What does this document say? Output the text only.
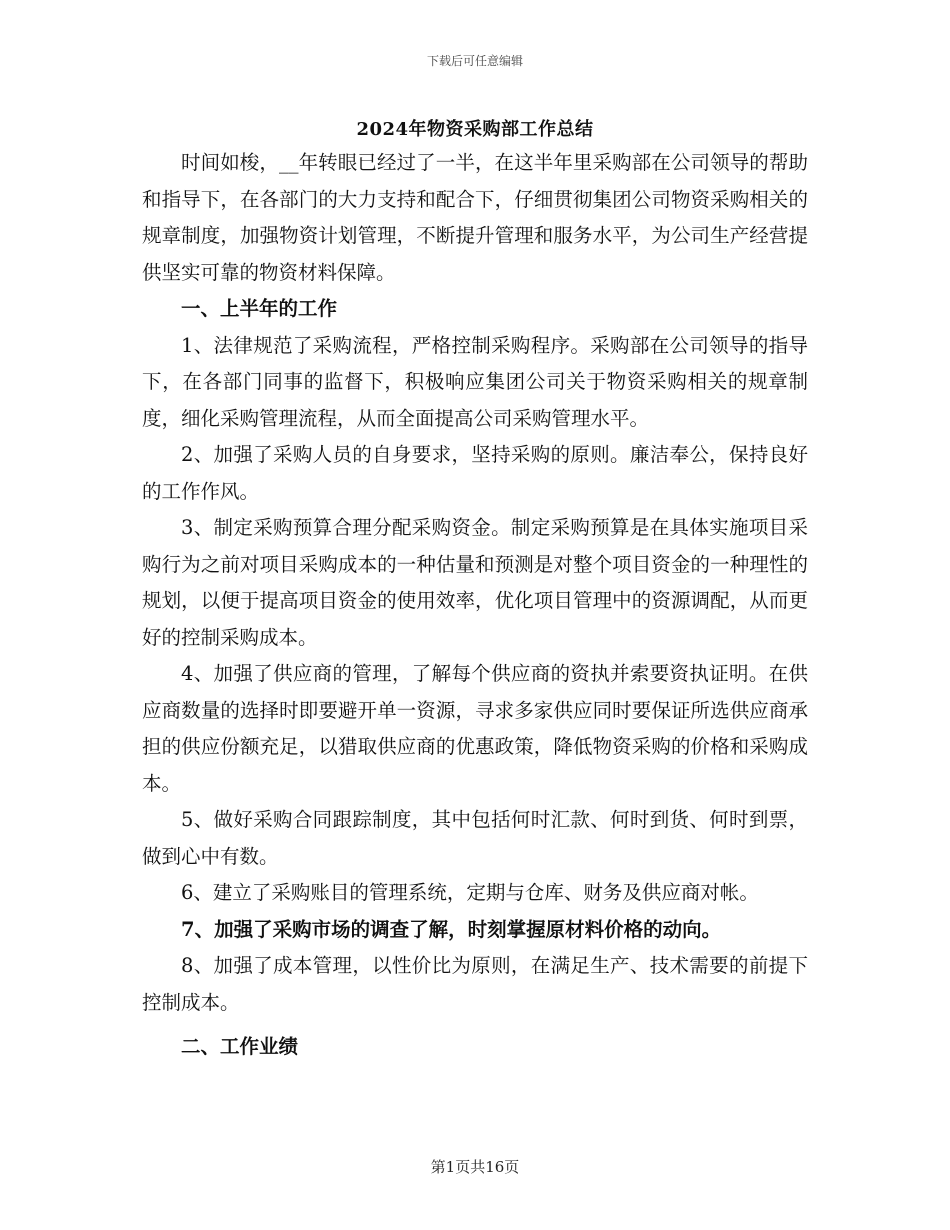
下载后可任意编辑
2024年物资采购部工作总结

时间如梭，__年转眼已经过了一半，在这半年里采购部在公司领导的帮助和指导下，在各部门的大力支持和配合下，仔细贯彻集团公司物资采购相关的规章制度，加强物资计划管理，不断提升管理和服务水平，为公司生产经营提供坚实可靠的物资材料保障。

一、上半年的工作

1、法律规范了采购流程，严格控制采购程序。采购部在公司领导的指导下，在各部门同事的监督下，积极响应集团公司关于物资采购相关的规章制度，细化采购管理流程，从而全面提高公司采购管理水平。

2、加强了采购人员的自身要求，坚持采购的原则。廉洁奉公，保持良好的工作作风。

3、制定采购预算合理分配采购资金。制定采购预算是在具体实施项目采购行为之前对项目采购成本的一种估量和预测是对整个项目资金的一种理性的规划，以便于提高项目资金的使用效率，优化项目管理中的资源调配，从而更好的控制采购成本。

4、加强了供应商的管理，了解每个供应商的资执并索要资执证明。在供应商数量的选择时即要避开单一资源，寻求多家供应同时要保证所选供应商承担的供应份额充足，以猎取供应商的优惠政策，降低物资采购的价格和采购成本。

5、做好采购合同跟踪制度，其中包括何时汇款、何时到货、何时到票，做到心中有数。

6、建立了采购账目的管理系统，定期与仓库、财务及供应商对帐。

7、加强了采购市场的调查了解，时刻掌握原材料价格的动向。

8、加强了成本管理，以性价比为原则，在满足生产、技术需要的前提下控制成本。

二、工作业绩

第1页共16页
